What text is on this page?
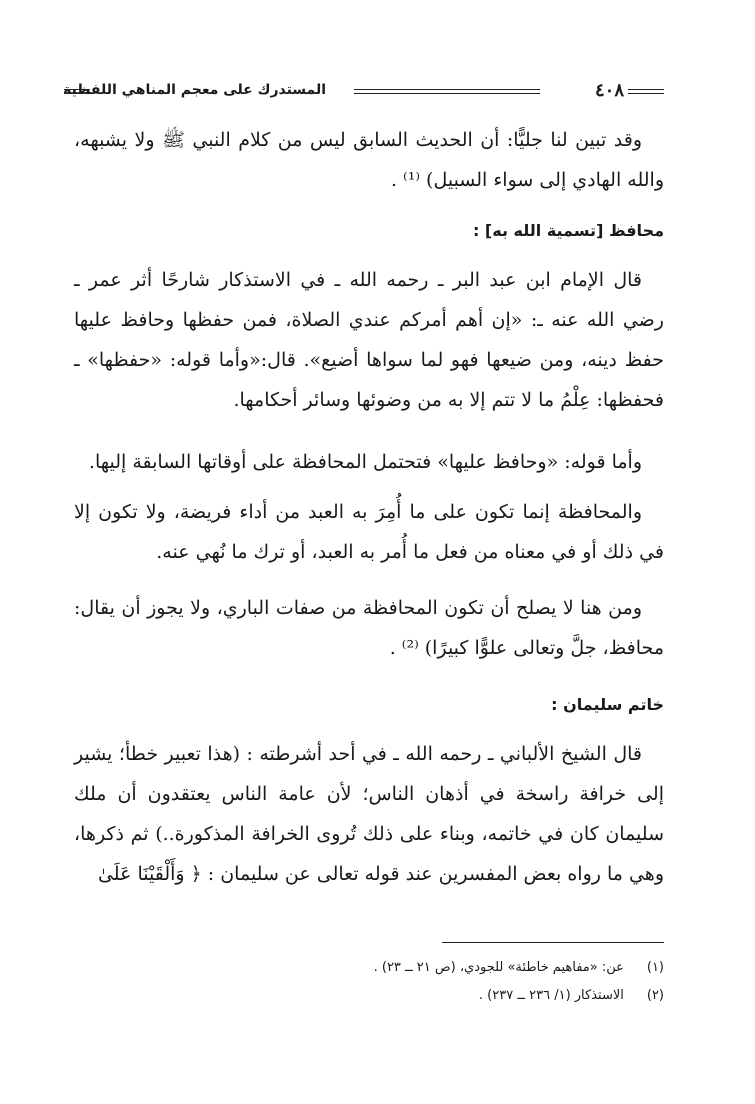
٤٠٨
المستدرك على معجم المناهي اللفظية

وقد تبين لنا جليًّا: أن الحديث السابق ليس من كلام النبي ﷺ ولا يشبهه، والله الهادي إلى سواء السبيل) ⁽¹⁾ .

محافظ [تسمية الله به] :

قال الإمام ابن عبد البر ـ رحمه الله ـ في الاستذكار شارحًا أثر عمر ـ رضي الله عنه ـ: «إن أهم أمركم عندي الصلاة، فمن حفظها وحافظ عليها حفظ دينه، ومن ضيعها فهو لما سواها أضيع». قال:«وأما قوله: «حفظها» ـ فحفظها: عِلْمُ ما لا تتم إلا به من وضوئها وسائر أحكامها.

وأما قوله: «وحافظ عليها» فتحتمل المحافظة على أوقاتها السابقة إليها.

والمحافظة إنما تكون على ما أُمِرَ به العبد من أداء فريضة، ولا تكون إلا في ذلك أو في معناه من فعل ما أُمر به العبد، أو ترك ما نُهي عنه.

ومن هنا لا يصلح أن تكون المحافظة من صفات الباري، ولا يجوز أن يقال: محافظ، جلَّ وتعالى علوًّا كبيرًا) ⁽²⁾ .

خاتم سليمان :

قال الشيخ الألباني ـ رحمه الله ـ في أحد أشرطته : (هذا تعبير خطأ؛ يشير إلى خرافة راسخة في أذهان الناس؛ لأن عامة الناس يعتقدون أن ملك سليمان كان في خاتمه، وبناء على ذلك تُروى الخرافة المذكورة..) ثم ذكرها، وهي ما رواه بعض المفسرين عند قوله تعالى عن سليمان : ﴿ وَأَلْقَيْنَا عَلَىٰ

(١) عن: «مفاهيم خاطئة» للجودي، (ص ٢١ ــ ٢٣) .

(٢) الاستذكار (١/ ٢٣٦ ــ ٢٣٧) .
